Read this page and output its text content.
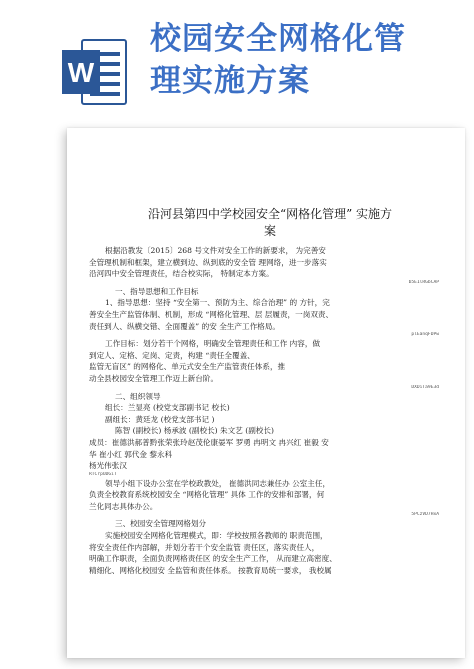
W
校园安全网格化管
理实施方案
沿河县第四中学校园安全“网格化管理” 实施方
案
根据沿教发〔2015〕268 号文件对安全工作的新要求， 为完善安
全管理机制和框架，建立横到边、纵到底的安全管 理网络，进一步落实
沿河四中安全管理责任，结合校实际， 特制定本方案。
b5E1lRGbCAP
一、指导思想和工作目标
1、指导思想：坚持 “安全第一、预防为主、综合治理” 的 方针，完
善安全生产监管体制、机制，形成 “网格化管理、层 层履责，一岗双责、
责任到人、纵横交错、全面覆盖” 的安 全生产工作格局。
plEanqFDPw
工作目标：划分若干个网格，明确安全管理责任和工作 内容，做
到定人、定格、定岗、定责，构建 “责任全覆盖、
监管无盲区” 的网格化、单元式安全生产监管责任体系，推
动全县校园安全管理工作迈上新台阶。
DXDiTa9E3d
二、组织领导
组长：兰显亮 (校党支部副书记 校长)
副组长：黄廷龙 (校党支部书记 )
陈智 (副校长) 杨承波 (副校长) 朱文艺 (副校长)
成员：崔德洪郝普黔张荣张玲赵茂伦康晏军 罗勇 冉明文 冉兴红 崔毅 安
华 崔小红 郭代金 黎永科
杨光伟张汉
RTCrpUDGiT
领导小组下设办公室在学校政教处， 崔德洪同志兼任办 公室主任，
负责全校教育系统校园安全 “网格化管理” 具体 工作的安排和部署，何
兰化同志具体办公。
5PCzVD7HxA
三、校园安全管理网格划分
实施校园安全网格化管理模式，即：学校按照各教师的 职责范围，
将安全责任作内部解，并划分若干个安全监管 责任区，落实责任人，
明确工作职责，全面负责网格责任区 的安全生产工作， 从而建立高密度、
精细化、网格化校园安 全监管和责任体系。 按教育局统一要求， 我校属
